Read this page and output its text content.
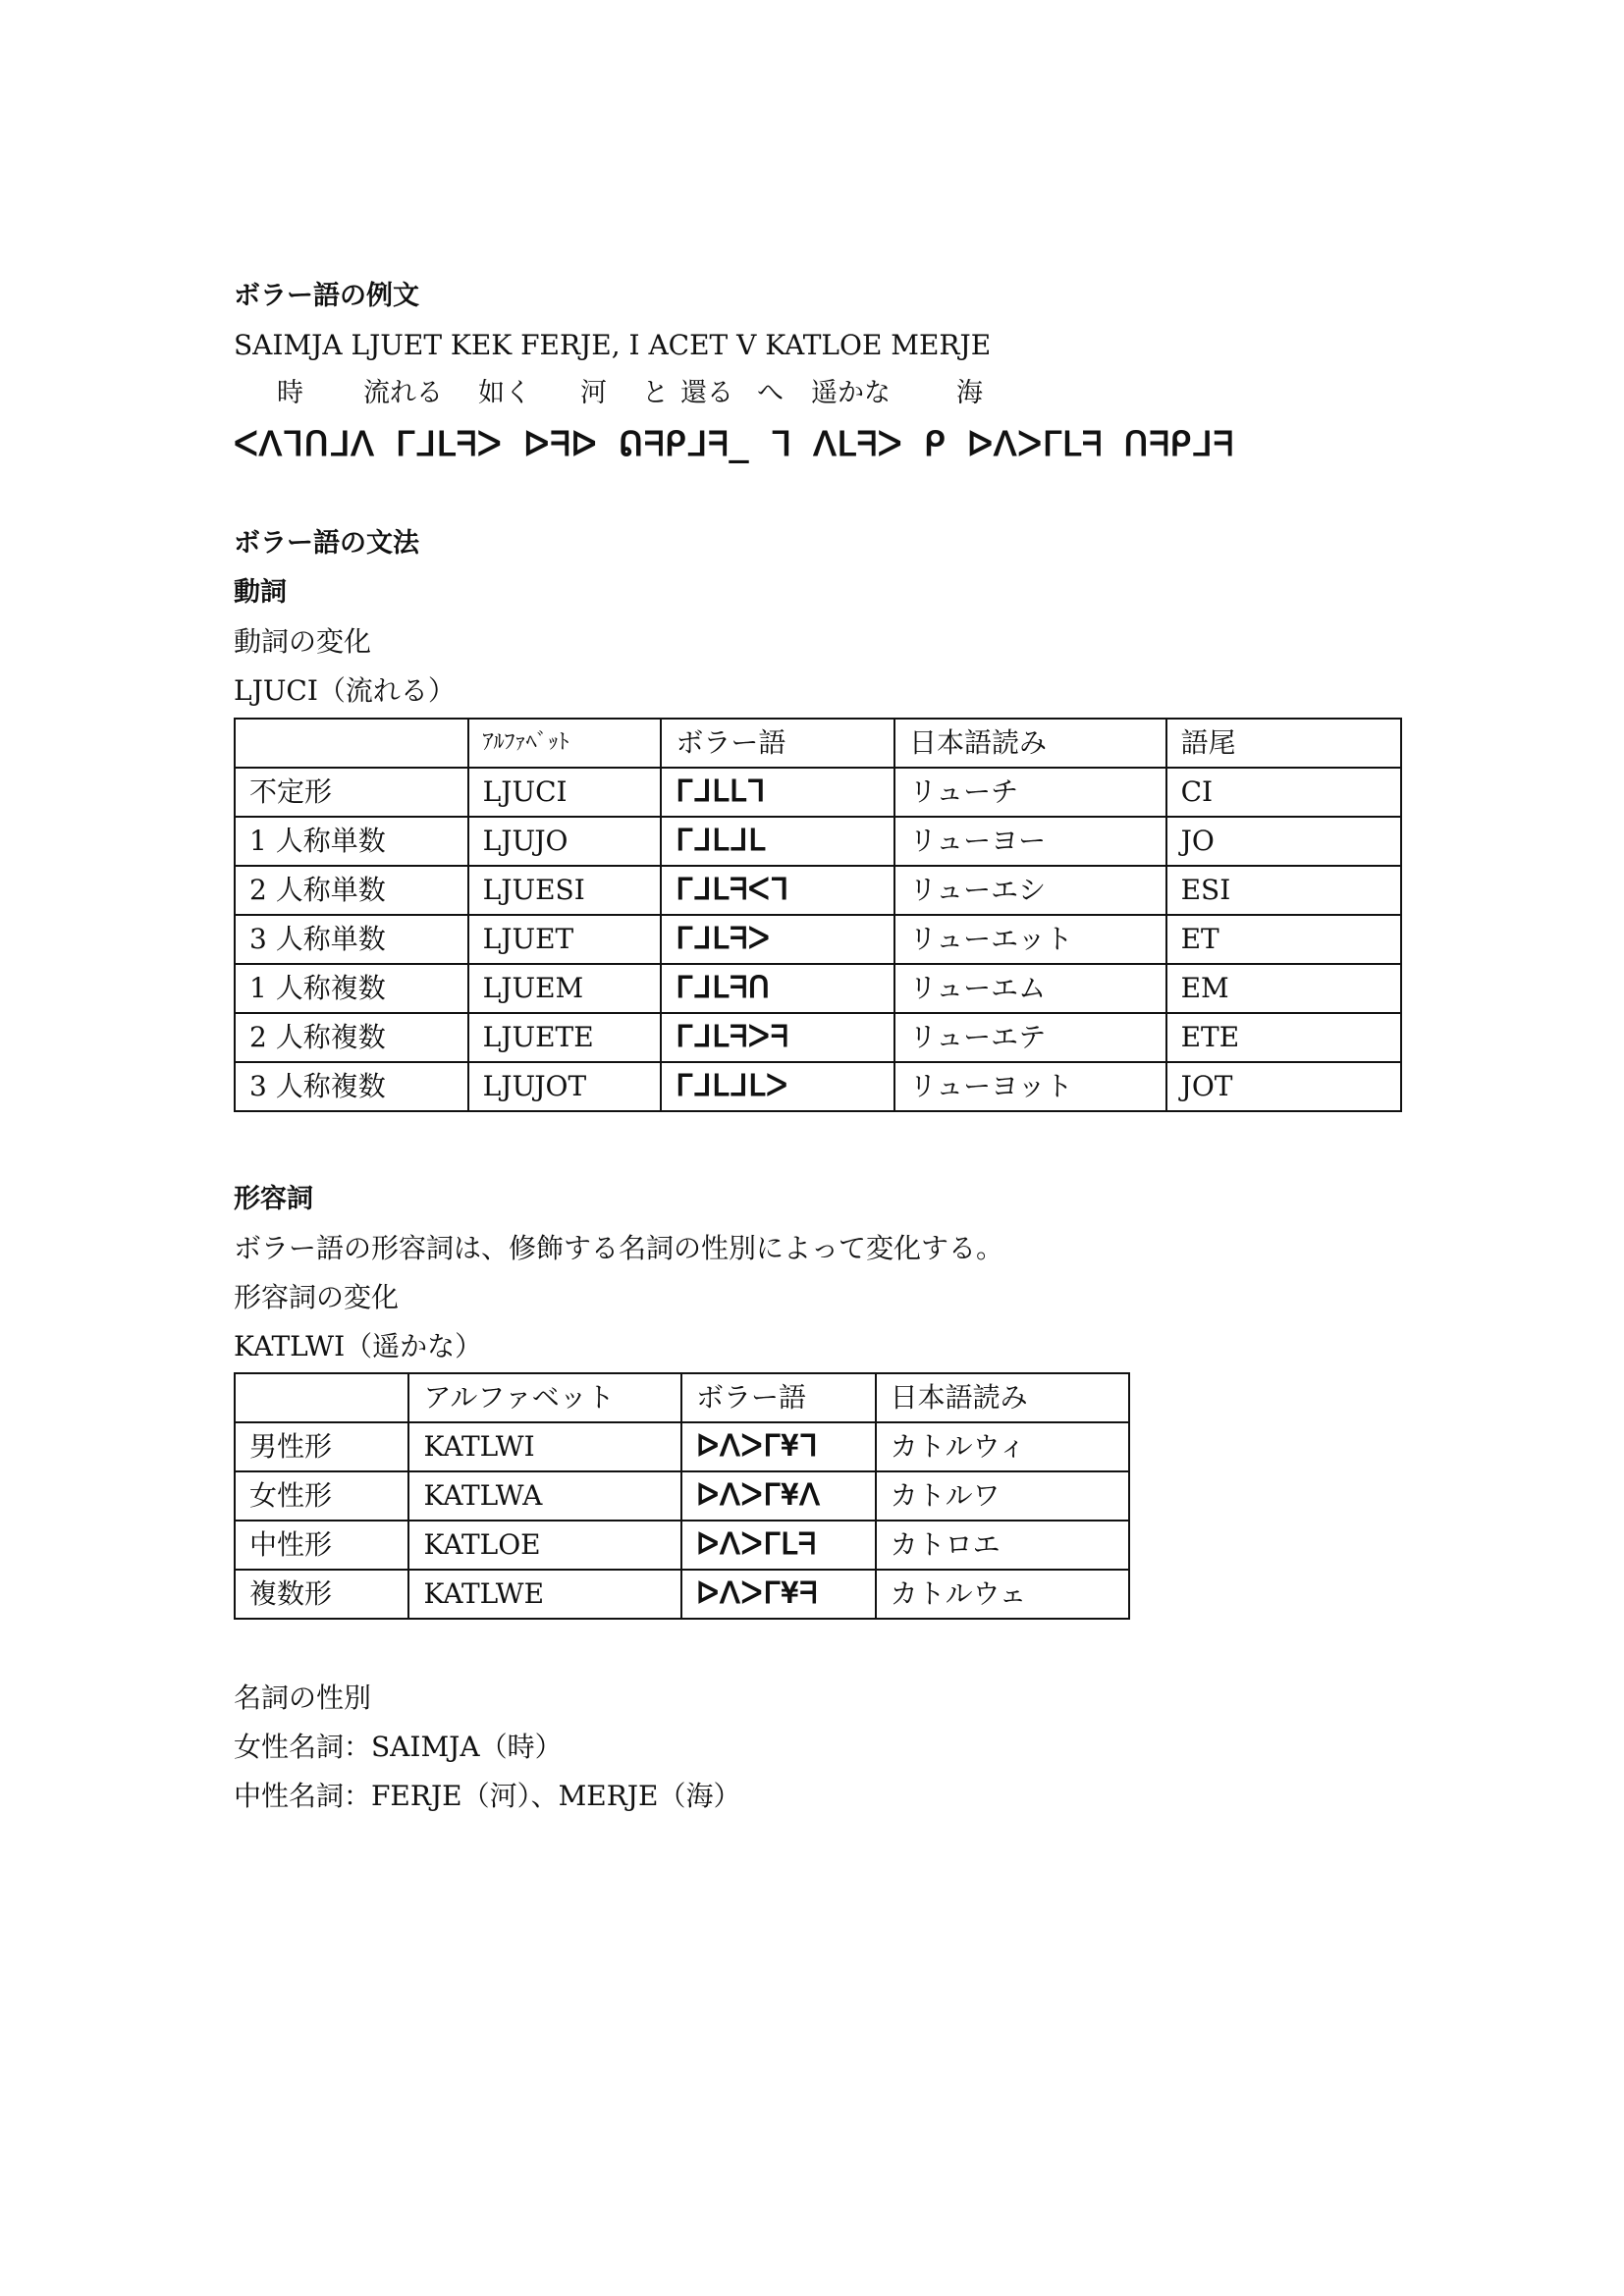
ボラー語の例文
SAIMJA LJUET KEK FERJE, I ACET V KATLOE MERJE
時 流れる 如く 河 と 還る へ 遥かな 海
ᐸᐱᒣᑎᒧᐱ ᒥᒧᒪᖷᐳ ᐅᖷᐅ ᕠᖷᑭᒧᖷ_ ᒣ ᐱᒪᖷᐳ ᑭ ᐅᐱᐳᒥᒪᖷ ᑎᖷᑭᒧᖷ
ボラー語の文法
動詞
動詞の変化
LJUCI（流れる）
	ｱﾙﾌｧﾍﾞｯﾄ	ボラー語	日本語読み	語尾
不定形	LJUCI	ᒥᒧᒪᒪᒣ	リューチ	CI
1 人称単数	LJUJO	ᒥᒧᒪᒧᒪ	リューヨー	JO
2 人称単数	LJUESI	ᒥᒧᒪᖷᐸᒣ	リューエシ	ESI
3 人称単数	LJUET	ᒥᒧᒪᖷᐳ	リューエット	ET
1 人称複数	LJUEM	ᒥᒧᒪᖷᑎ	リューエム	EM
2 人称複数	LJUETE	ᒥᒧᒪᖷᐳᖷ	リューエテ	ETE
3 人称複数	LJUJOT	ᒥᒧᒪᒧᒪᐳ	リューヨット	JOT
形容詞
ボラー語の形容詞は、修飾する名詞の性別によって変化する。
形容詞の変化
KATLWI（遥かな）
	アルファベット	ボラー語	日本語読み
男性形	KATLWI	ᐅᐱᐳᒥ¥ᒣ	カトルウィ
女性形	KATLWA	ᐅᐱᐳᒥ¥ᐱ	カトルワ
中性形	KATLOE	ᐅᐱᐳᒥᒪᖷ	カトロエ
複数形	KATLWE	ᐅᐱᐳᒥ¥ᖷ	カトルウェ
名詞の性別
女性名詞：SAIMJA（時）
中性名詞：FERJE（河）、MERJE（海）
